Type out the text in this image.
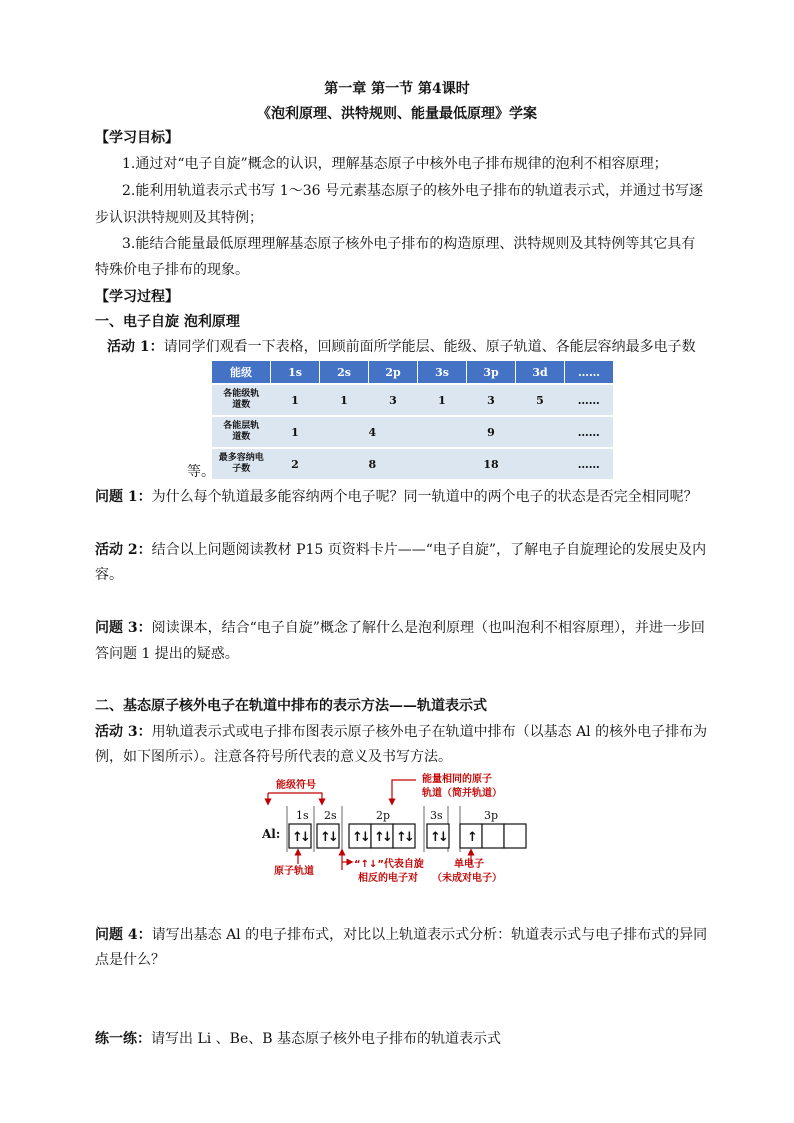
第一章 第一节 第4课时
《泡利原理、洪特规则、能量最低原理》学案
【学习目标】
1.通过对“电子自旋”概念的认识，理解基态原子中核外电子排布规律的泡利不相容原理；
2.能利用轨道表示式书写 1～36 号元素基态原子的核外电子排布的轨道表示式，并通过书写逐
步认识洪特规则及其特例；
3.能结合能量最低原理理解基态原子核外电子排布的构造原理、洪特规则及其特例等其它具有
特殊价电子排布的现象。
【学习过程】
一、电子自旋 泡利原理
活动 1：请同学们观看一下表格，回顾前面所学能层、能级、原子轨道、各能层容纳最多电子数
能级	1s	2s	2p	3s	3p	3d	……
各能级轨
道数	1	1	3	1	3	5	……
各能层轨
道数	1		4		9		……
最多容纳电
子数	2		8		18		……
等。
问题 1：为什么每个轨道最多能容纳两个电子呢？同一轨道中的两个电子的状态是否完全相同呢？
活动 2：结合以上问题阅读教材 P15 页资料卡片——“电子自旋”，了解电子自旋理论的发展史及内
容。
问题 3：阅读课本，结合“电子自旋”概念了解什么是泡利原理（也叫泡利不相容原理），并进一步回
答问题 1 提出的疑惑。
二、基态原子核外电子在轨道中排布的表示方法——轨道表示式
活动 3：用轨道表示式或电子排布图表示原子核外电子在轨道中排布（以基态 Al 的核外电子排布为
例，如下图所示）。注意各符号所代表的意义及书写方法。
能级符号
能量相同的原子
轨道（简并轨道）
1s 2s	2p	3s	3p
Al: ↑
↓ ↑
↓ ↑
↓ ↑
↓ ↑
↓ ↑
↓ ↑
原子轨道
“↑↓”代表自旋
相反的电子对
单电子
（未成对电子）
问题 4：请写出基态 Al 的电子排布式，对比以上轨道表示式分析：轨道表示式与电子排布式的异同
点是什么？
练一练：请写出 Li 、Be、B 基态原子核外电子排布的轨道表示式
